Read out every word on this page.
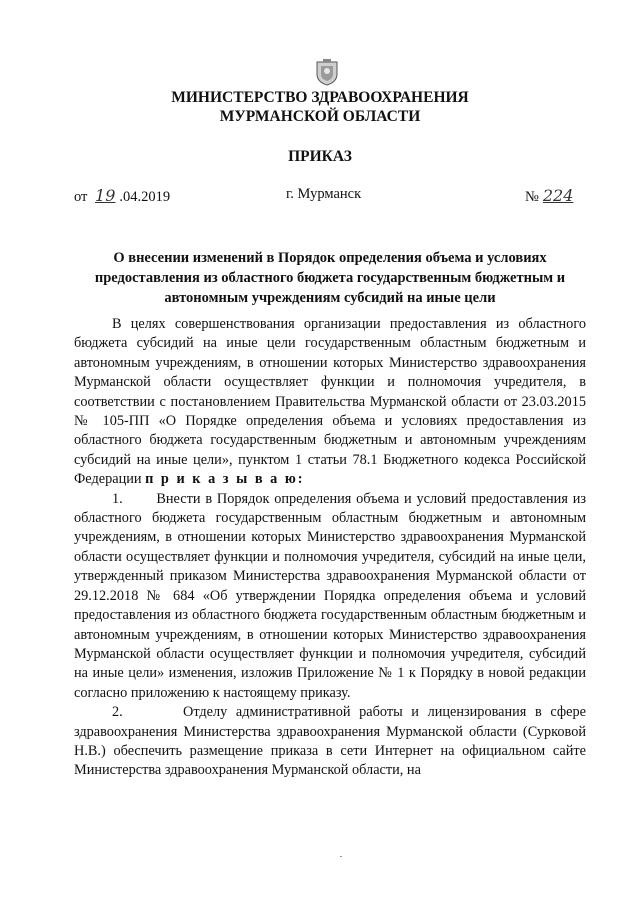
МИНИСТЕРСТВО ЗДРАВООХРАНЕНИЯ
МУРМАНСКОЙ ОБЛАСТИ
ПРИКАЗ
от 19 .04.2019	г. Мурманск	№ 224
О внесении изменений в Порядок определения объема и условиях
предоставления из областного бюджета государственным бюджетным и
автономным учреждениям субсидий на иные цели

В целях совершенствования организации предоставления из областного бюджета субсидий на иные цели государственным областным бюджетным и автономным учреждениям, в отношении которых Министерство здравоохранения Мурманской области осуществляет функции и полномочия учредителя, в соответствии с постановлением Правительства Мурманской области от 23.03.2015 № 105-ПП «О Порядке определения объема и условиях предоставления из областного бюджета государственным бюджетным и автономным учреждениям субсидий на иные цели», пунктом 1 статьи 78.1 Бюджетного кодекса Российской Федерации п р и к а з ы в а ю:

1. Внести в Порядок определения объема и условий предоставления из областного бюджета государственным областным бюджетным и автономным учреждениям, в отношении которых Министерство здравоохранения Мурманской области осуществляет функции и полномочия учредителя, субсидий на иные цели, утвержденный приказом Министерства здравоохранения Мурманской области от 29.12.2018 № 684 «Об утверждении Порядка определения объема и условий предоставления из областного бюджета государственным областным бюджетным и автономным учреждениям, в отношении которых Министерство здравоохранения Мурманской области осуществляет функции и полномочия учредителя, субсидий на иные цели» изменения, изложив Приложение № 1 к Порядку в новой редакции согласно приложению к настоящему приказу.

2.	Отделу административной работы и лицензирования в сфере здравоохранения Министерства здравоохранения Мурманской области (Сурковой Н.В.) обеспечить размещение приказа в сети Интернет на официальном сайте Министерства здравоохранения Мурманской области, на
